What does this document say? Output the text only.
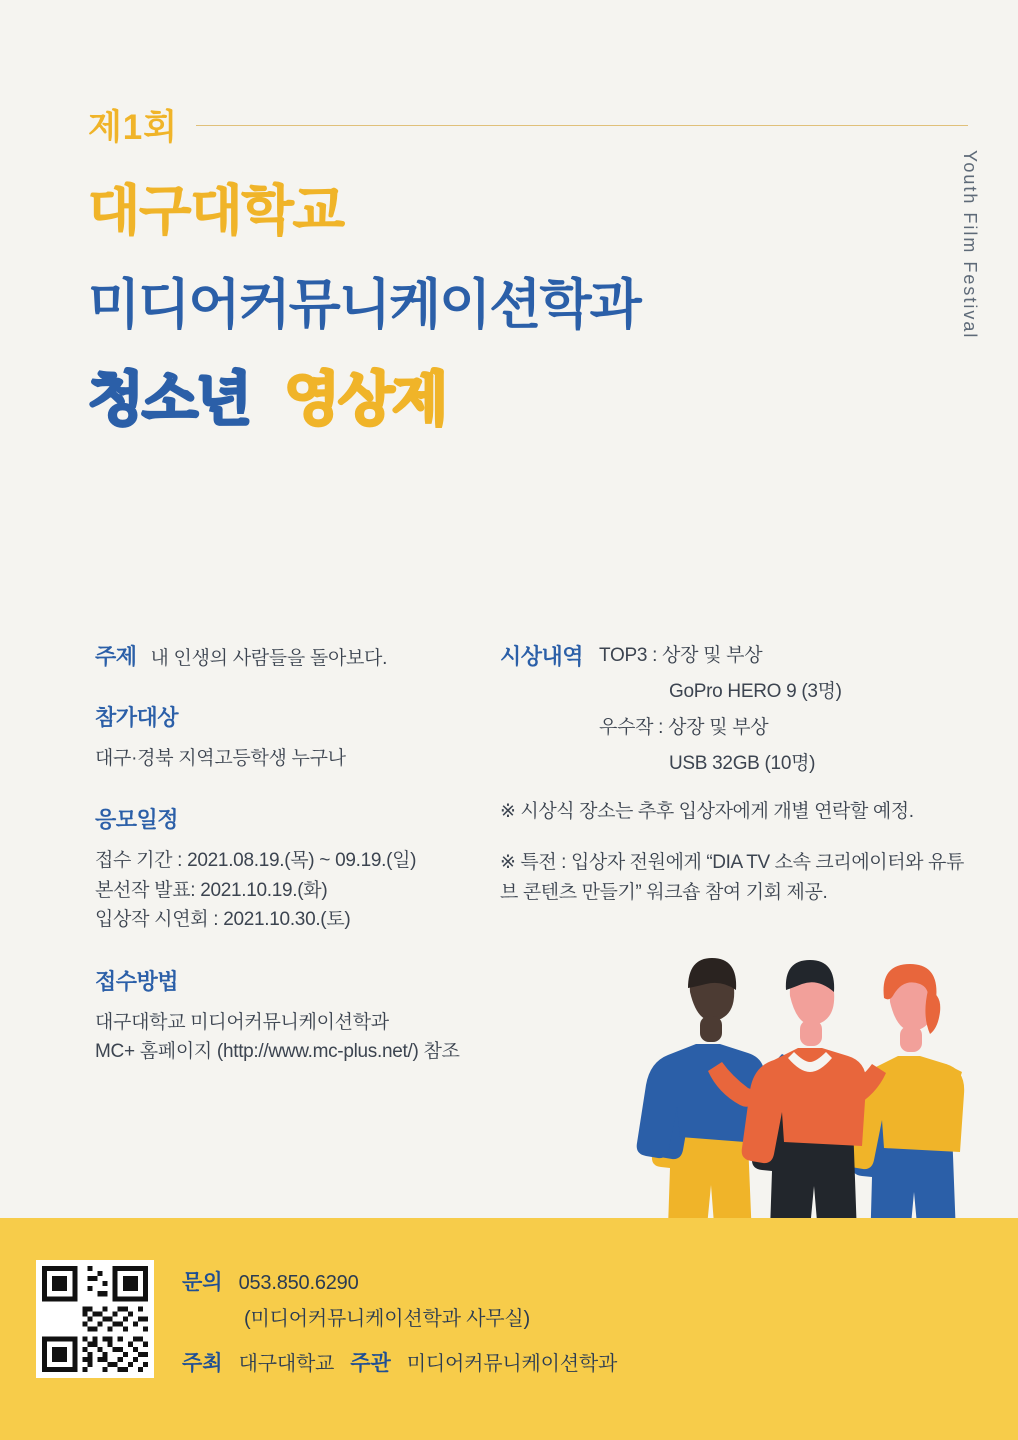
제1회
대구대학교
미디어커뮤니케이션학과
청소년 영상제
Youth Film Festival
주제 내 인생의 사람들을 돌아보다.
참가대상
대구·경북 지역고등학생 누구나
응모일정
접수 기간 : 2021.08.19.(목) ~ 09.19.(일)
본선작 발표: 2021.10.19.(화)
입상작 시연회 : 2021.10.30.(토)
접수방법
대구대학교 미디어커뮤니케이션학과
MC+ 홈페이지 (http://www.mc-plus.net/) 참조
시상내역 TOP3 : 상장 및 부상
GoPro HERO 9 (3명)
우수작 : 상장 및 부상
USB 32GB (10명)
※ 시상식 장소는 추후 입상자에게 개별 연락할 예정.
※ 특전 : 입상자 전원에게 “DIA TV 소속 크리에이터와 유튜브 콘텐츠 만들기” 워크숍 참여 기회 제공.
문의 053.850.6290
(미디어커뮤니케이션학과 사무실)
주최 대구대학교 주관 미디어커뮤니케이션학과
